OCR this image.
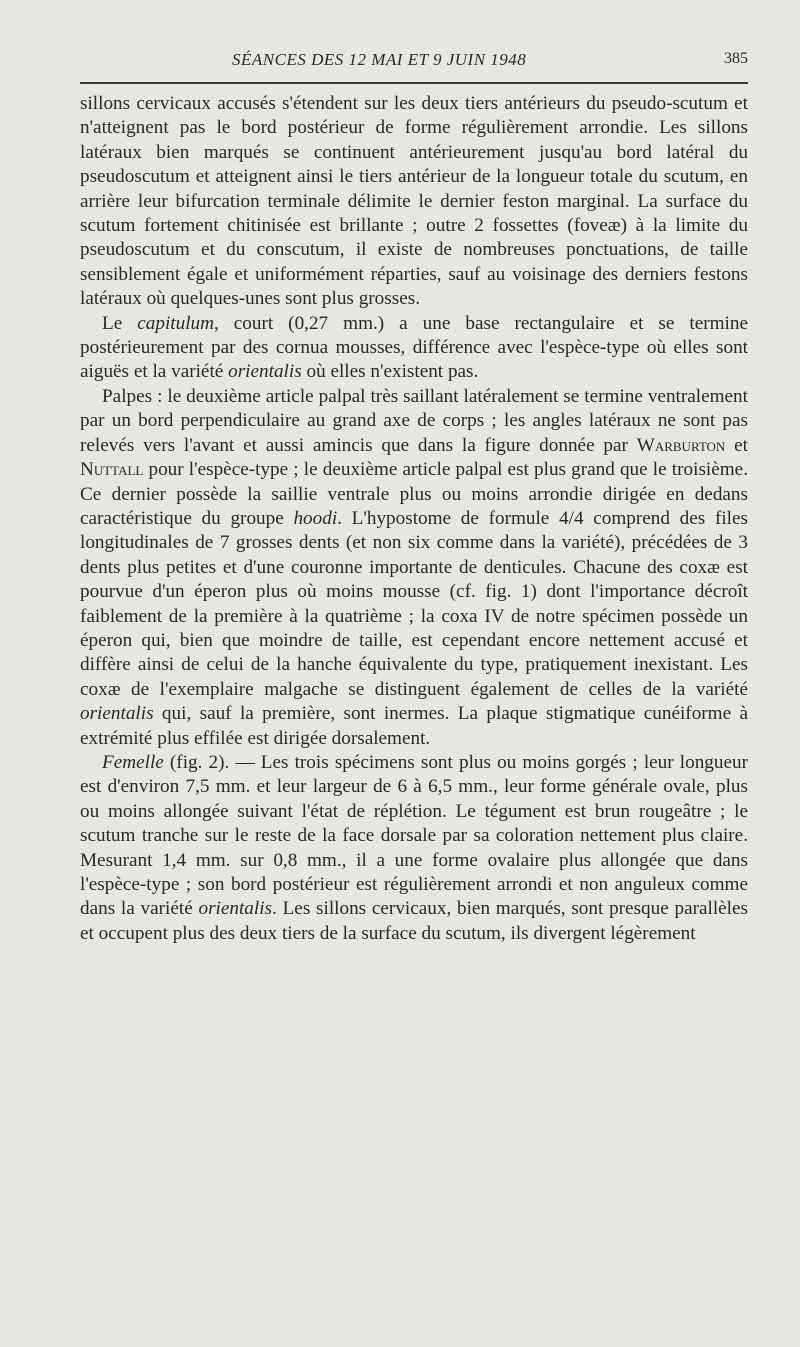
SÉANCES DES 12 MAI ET 9 JUIN 1948	385

sillons cervicaux accusés s'étendent sur les deux tiers antérieurs du pseudo-scutum et n'atteignent pas le bord postérieur de forme régulièrement arrondie. Les sillons latéraux bien marqués se continuent antérieurement jusqu'au bord latéral du pseudoscutum et atteignent ainsi le tiers antérieur de la longueur totale du scutum, en arrière leur bifurcation terminale délimite le dernier feston marginal. La surface du scutum fortement chitinisée est brillante ; outre 2 fossettes (foveæ) à la limite du pseudoscutum et du conscutum, il existe de nombreuses ponctuations, de taille sensiblement égale et uniformément réparties, sauf au voisinage des derniers festons latéraux où quelques-unes sont plus grosses.

Le capitulum, court (0,27 mm.) a une base rectangulaire et se termine postérieurement par des cornua mousses, différence avec l'espèce-type où elles sont aiguës et la variété orientalis où elles n'existent pas.

Palpes : le deuxième article palpal très saillant latéralement se termine ventralement par un bord perpendiculaire au grand axe de corps ; les angles latéraux ne sont pas relevés vers l'avant et aussi amincis que dans la figure donnée par Warburton et Nuttall pour l'espèce-type ; le deuxième article palpal est plus grand que le troisième. Ce dernier possède la saillie ventrale plus ou moins arrondie dirigée en dedans caractéristique du groupe hoodi. L'hypostome de formule 4/4 comprend des files longitudinales de 7 grosses dents (et non six comme dans la variété), précédées de 3 dents plus petites et d'une couronne importante de denticules. Chacune des coxæ est pourvue d'un éperon plus où moins mousse (cf. fig. 1) dont l'importance décroît faiblement de la première à la quatrième ; la coxa IV de notre spécimen possède un éperon qui, bien que moindre de taille, est cependant encore nettement accusé et diffère ainsi de celui de la hanche équivalente du type, pratiquement inexistant. Les coxæ de l'exemplaire malgache se distinguent également de celles de la variété orientalis qui, sauf la première, sont inermes. La plaque stigmatique cunéiforme à extrémité plus effilée est dirigée dorsalement.

Femelle (fig. 2). — Les trois spécimens sont plus ou moins gorgés ; leur longueur est d'environ 7,5 mm. et leur largeur de 6 à 6,5 mm., leur forme générale ovale, plus ou moins allongée suivant l'état de réplétion. Le tégument est brun rougeâtre ; le scutum tranche sur le reste de la face dorsale par sa coloration nettement plus claire. Mesurant 1,4 mm. sur 0,8 mm., il a une forme ovalaire plus allongée que dans l'espèce-type ; son bord postérieur est régulièrement arrondi et non anguleux comme dans la variété orientalis. Les sillons cervicaux, bien marqués, sont presque parallèles et occupent plus des deux tiers de la surface du scutum, ils divergent légèrement
